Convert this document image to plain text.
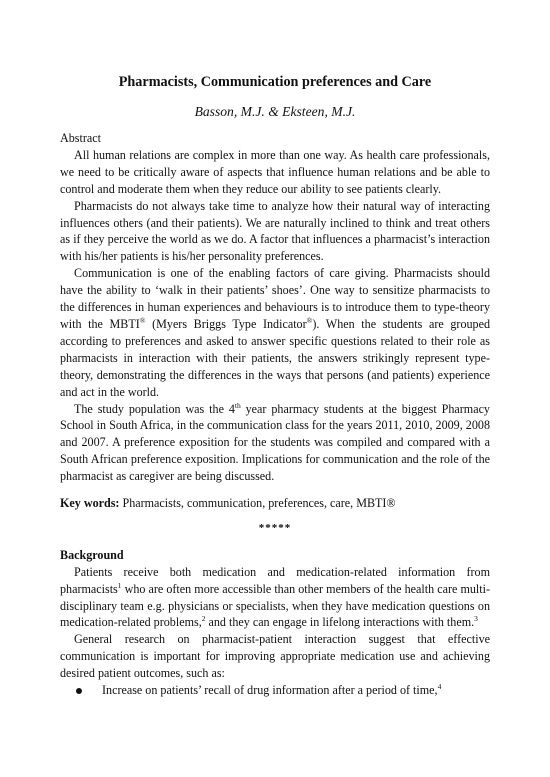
Pharmacists, Communication preferences and Care
Basson, M.J. & Eksteen, M.J.

Abstract

All human relations are complex in more than one way. As health care professionals, we need to be critically aware of aspects that influence human relations and be able to control and moderate them when they reduce our ability to see patients clearly.

Pharmacists do not always take time to analyze how their natural way of interacting influences others (and their patients). We are naturally inclined to think and treat others as if they perceive the world as we do. A factor that influences a pharmacist’s interaction with his/her patients is his/her personality preferences.

Communication is one of the enabling factors of care giving. Pharmacists should have the ability to ‘walk in their patients’ shoes’. One way to sensitize pharmacists to the differences in human experiences and behaviours is to introduce them to type-theory with the MBTI® (Myers Briggs Type Indicator®). When the students are grouped according to preferences and asked to answer specific questions related to their role as pharmacists in interaction with their patients, the answers strikingly represent type-theory, demonstrating the differences in the ways that persons (and patients) experience and act in the world.

The study population was the 4th year pharmacy students at the biggest Pharmacy School in South Africa, in the communication class for the years 2011, 2010, 2009, 2008 and 2007. A preference exposition for the students was compiled and compared with a South African preference exposition. Implications for communication and the role of the pharmacist as caregiver are being discussed.

Key words: Pharmacists, communication, preferences, care, MBTI®

*****

Background

Patients receive both medication and medication-related information from pharmacists$^1$ who are often more accessible than other members of the health care multi-disciplinary team e.g. physicians or specialists, when they have medication questions on medication-related problems,$^2$ and they can engage in lifelong interactions with them.$^3$

General research on pharmacist-patient interaction suggest that effective communication is important for improving appropriate medication use and achieving desired patient outcomes, such as:

Increase on patients’ recall of drug information after a period of time,$^4$
